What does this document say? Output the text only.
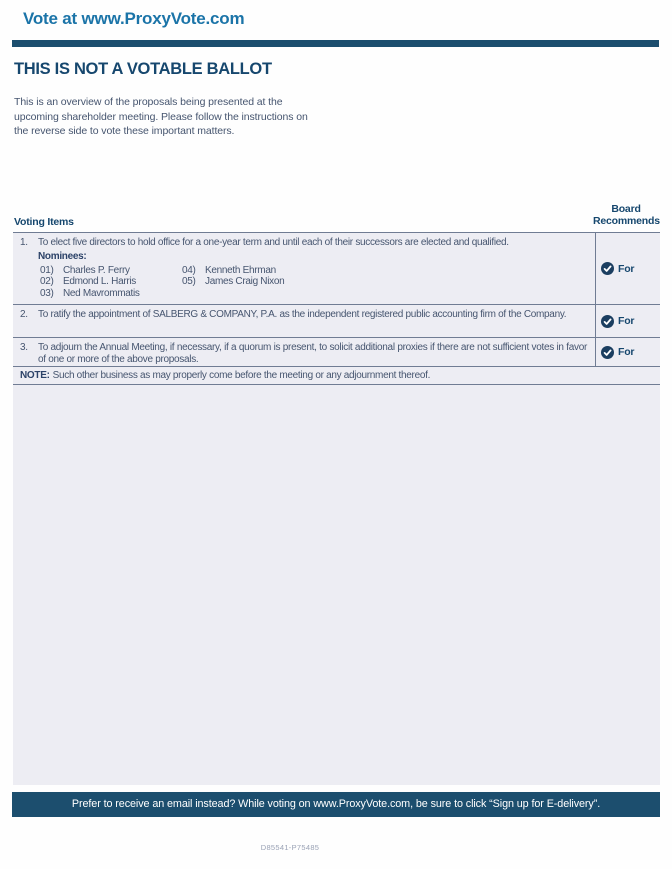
Vote at www.ProxyVote.com
THIS IS NOT A VOTABLE BALLOT
This is an overview of the proposals being presented at the
upcoming shareholder meeting. Please follow the instructions on
the reverse side to vote these important matters.
Voting Items
Board
Recommends
1.	To elect five directors to hold office for a one-year term and until each of their successors are elected and qualified.
Nominees:
01) Charles P. Ferry
02) Edmond L. Harris
03) Ned Mavrommatis
04) Kenneth Ehrman
05) James Craig Nixon
For
2.	To ratify the appointment of SALBERG & COMPANY, P.A. as the independent registered public accounting firm of the Company.
For
3.	To adjourn the Annual Meeting, if necessary, if a quorum is present, to solicit additional proxies if there are not sufficient votes in favor of one or more of the above proposals.
For
NOTE: Such other business as may properly come before the meeting or any adjournment thereof.
Prefer to receive an email instead? While voting on www.ProxyVote.com, be sure to click “Sign up for E-delivery”.
D85541-P75485
